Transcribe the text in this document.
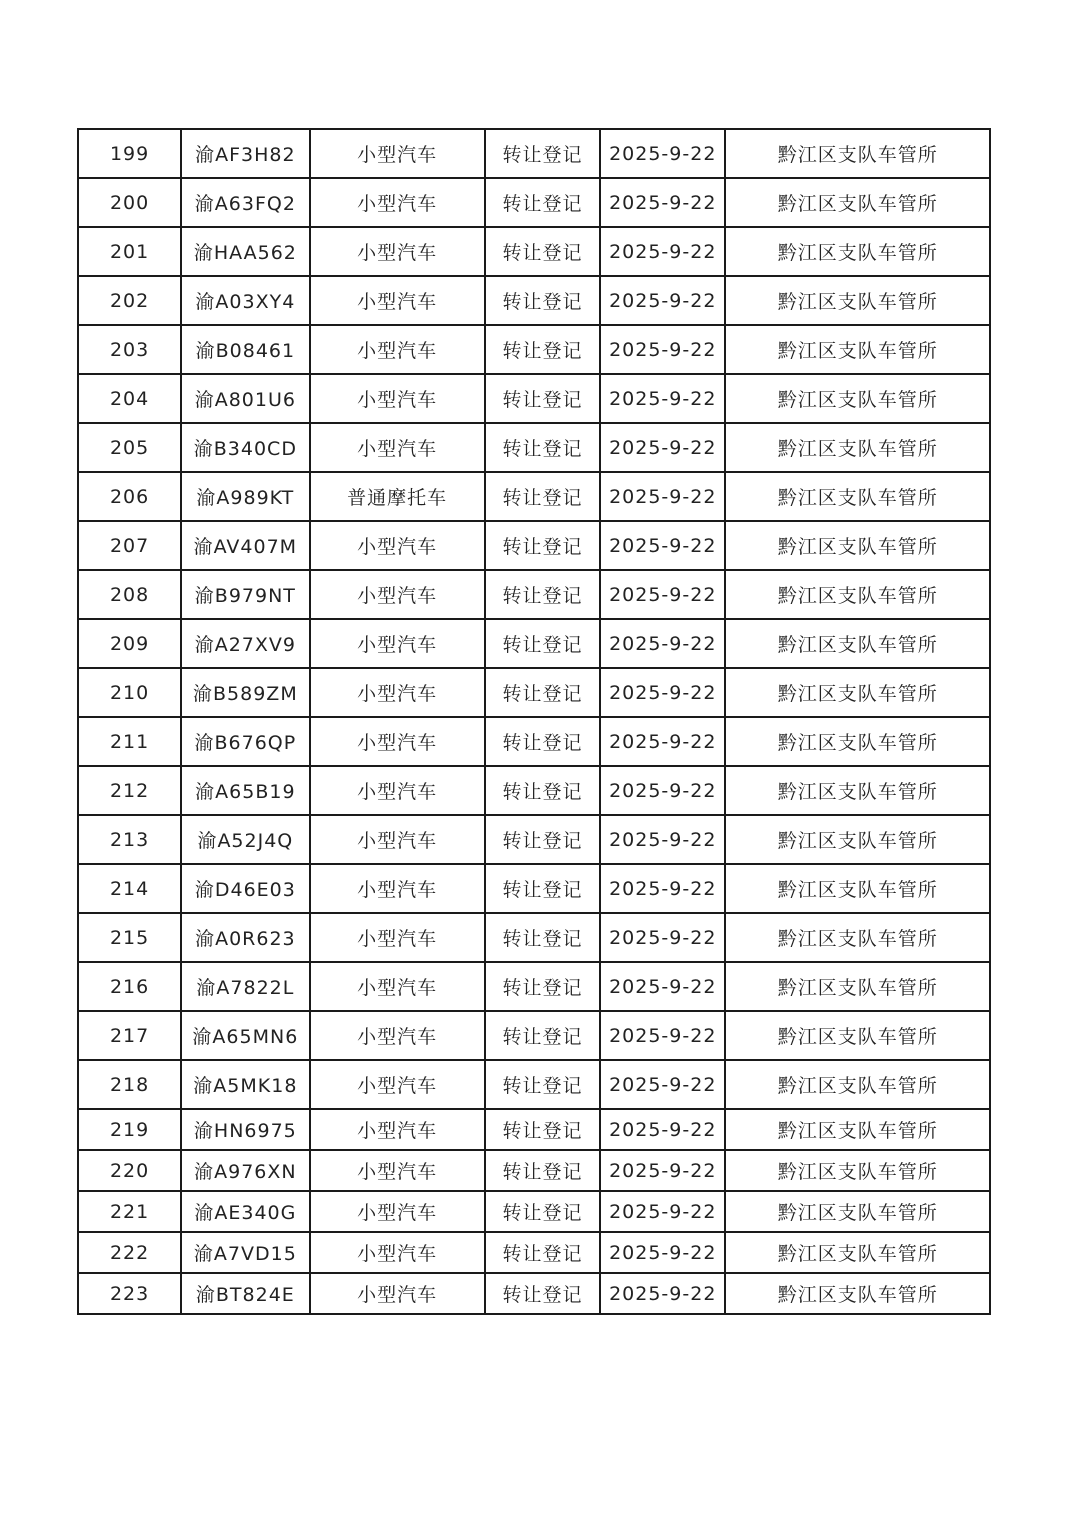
199	渝AF3H82	小型汽车	转让登记	2025-9-22	黔江区支队车管所
200	渝A63FQ2	小型汽车	转让登记	2025-9-22	黔江区支队车管所
201	渝HAA562	小型汽车	转让登记	2025-9-22	黔江区支队车管所
202	渝A03XY4	小型汽车	转让登记	2025-9-22	黔江区支队车管所
203	渝B08461	小型汽车	转让登记	2025-9-22	黔江区支队车管所
204	渝A801U6	小型汽车	转让登记	2025-9-22	黔江区支队车管所
205	渝B340CD	小型汽车	转让登记	2025-9-22	黔江区支队车管所
206	渝A989KT	普通摩托车	转让登记	2025-9-22	黔江区支队车管所
207	渝AV407M	小型汽车	转让登记	2025-9-22	黔江区支队车管所
208	渝B979NT	小型汽车	转让登记	2025-9-22	黔江区支队车管所
209	渝A27XV9	小型汽车	转让登记	2025-9-22	黔江区支队车管所
210	渝B589ZM	小型汽车	转让登记	2025-9-22	黔江区支队车管所
211	渝B676QP	小型汽车	转让登记	2025-9-22	黔江区支队车管所
212	渝A65B19	小型汽车	转让登记	2025-9-22	黔江区支队车管所
213	渝A52J4Q	小型汽车	转让登记	2025-9-22	黔江区支队车管所
214	渝D46E03	小型汽车	转让登记	2025-9-22	黔江区支队车管所
215	渝A0R623	小型汽车	转让登记	2025-9-22	黔江区支队车管所
216	渝A7822L	小型汽车	转让登记	2025-9-22	黔江区支队车管所
217	渝A65MN6	小型汽车	转让登记	2025-9-22	黔江区支队车管所
218	渝A5MK18	小型汽车	转让登记	2025-9-22	黔江区支队车管所
219	渝HN6975	小型汽车	转让登记	2025-9-22	黔江区支队车管所
220	渝A976XN	小型汽车	转让登记	2025-9-22	黔江区支队车管所
221	渝AE340G	小型汽车	转让登记	2025-9-22	黔江区支队车管所
222	渝A7VD15	小型汽车	转让登记	2025-9-22	黔江区支队车管所
223	渝BT824E	小型汽车	转让登记	2025-9-22	黔江区支队车管所
